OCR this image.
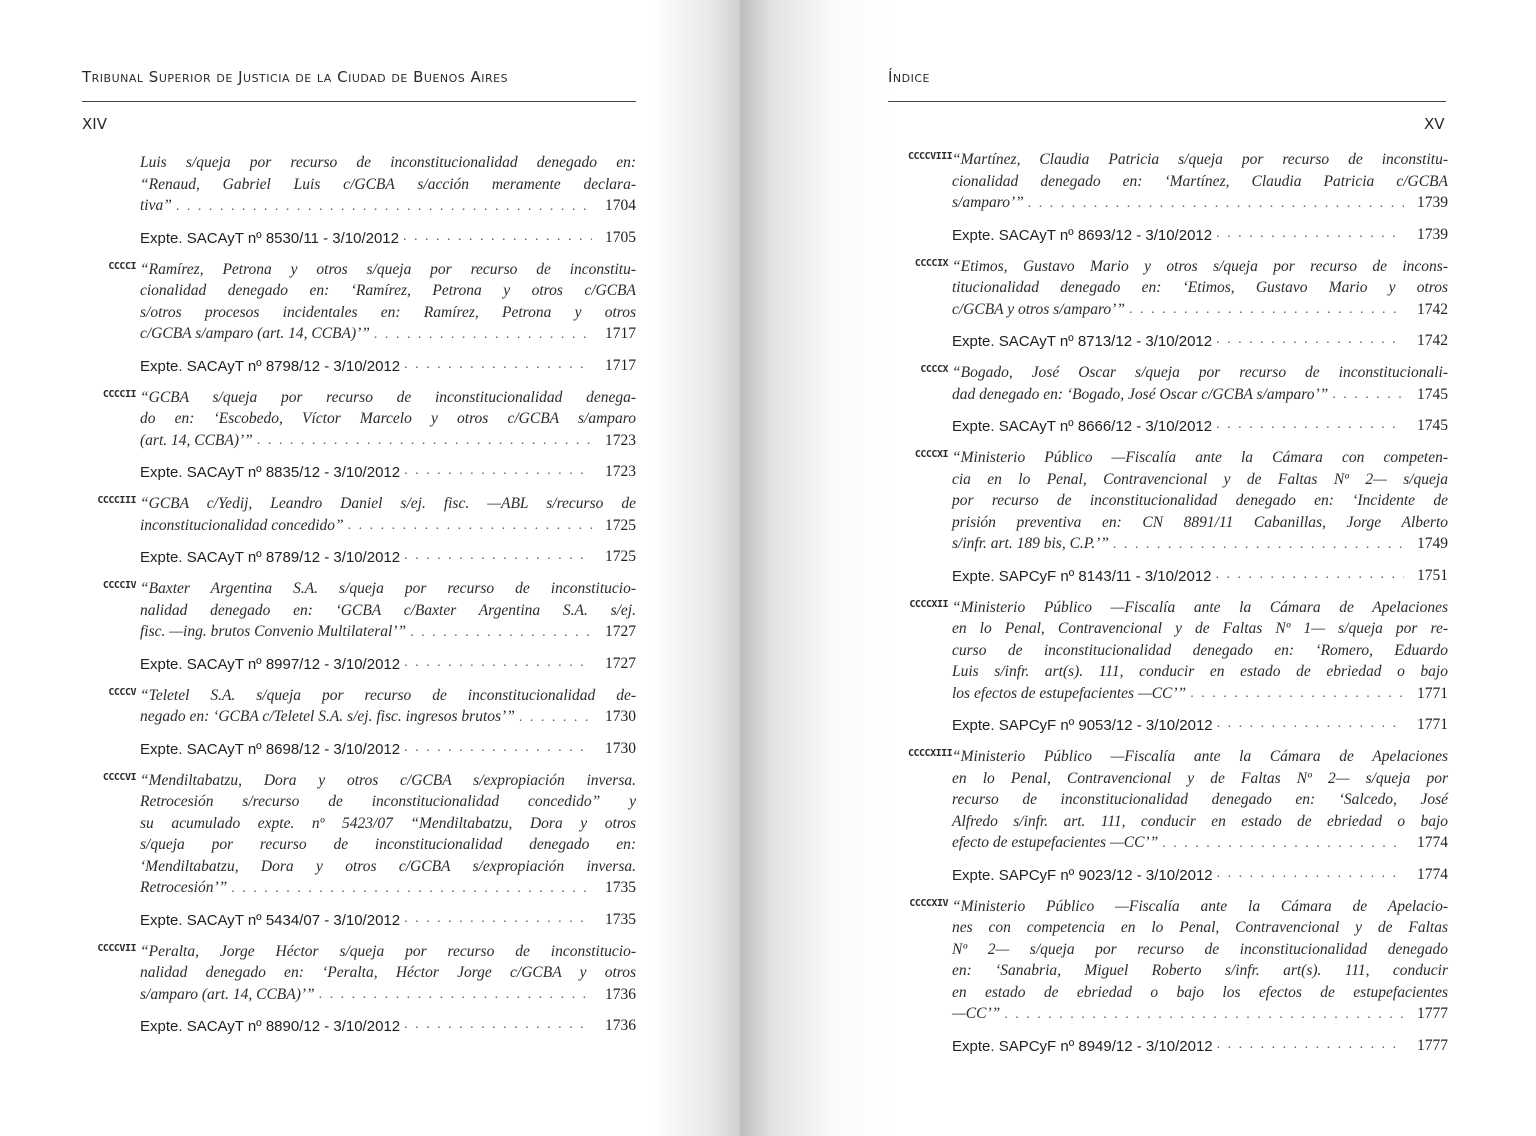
Tribunal Superior de Justicia de la Ciudad de Buenos Aires
XIV
Luis s/queja por recurso de inconstitucionalidad denegado en:
“Renaud, Gabriel Luis c/GCBA s/acción meramente declara-
tiva” . . .	1704
Expte. SACAyT nº 8530/11 - 3/10/2012 . . .	1705
CCCCI “Ramírez, Petrona y otros s/queja por recurso de inconstitu-
cionalidad denegado en: ‘Ramírez, Petrona y otros c/GCBA
s/otros procesos incidentales en: Ramírez, Petrona y otros
c/GCBA s/amparo (art. 14, CCBA)’” . . .	1717
Expte. SACAyT nº 8798/12 - 3/10/2012 . . .	1717
CCCCII “GCBA s/queja por recurso de inconstitucionalidad denega-
do en: ‘Escobedo, Víctor Marcelo y otros c/GCBA s/amparo
(art. 14, CCBA)’” . . .	1723
Expte. SACAyT nº 8835/12 - 3/10/2012 . . .	1723
CCCCIII “GCBA c/Yedij, Leandro Daniel s/ej. fisc. —ABL s/recurso de
inconstitucionalidad concedido” . . .	1725
Expte. SACAyT nº 8789/12 - 3/10/2012 . . .	1725
CCCCIV “Baxter Argentina S.A. s/queja por recurso de inconstitucio-
nalidad denegado en: ‘GCBA c/Baxter Argentina S.A. s/ej.
fisc. —ing. brutos Convenio Multilateral’” . . .	1727
Expte. SACAyT nº 8997/12 - 3/10/2012 . . .	1727
CCCCV “Teletel S.A. s/queja por recurso de inconstitucionalidad de-
negado en: ‘GCBA c/Teletel S.A. s/ej. fisc. ingresos brutos’” . . .	1730
Expte. SACAyT nº 8698/12 - 3/10/2012 . . .	1730
CCCCVI “Mendiltabatzu, Dora y otros c/GCBA s/expropiación inversa.
Retrocesión s/recurso de inconstitucionalidad concedido” y
su acumulado expte. nº 5423/07 “Mendiltabatzu, Dora y otros
s/queja por recurso de inconstitucionalidad denegado en:
‘Mendiltabatzu, Dora y otros c/GCBA s/expropiación inversa.
Retrocesión’” . . .	1735
Expte. SACAyT nº 5434/07 - 3/10/2012 . . .	1735
CCCCVII “Peralta, Jorge Héctor s/queja por recurso de inconstitucio-
nalidad denegado en: ‘Peralta, Héctor Jorge c/GCBA y otros
s/amparo (art. 14, CCBA)’” . . .	1736
Expte. SACAyT nº 8890/12 - 3/10/2012 . . .	1736
Índice
XV
CCCCVIII “Martínez, Claudia Patricia s/queja por recurso de inconstitu-
cionalidad denegado en: ‘Martínez, Claudia Patricia c/GCBA
s/amparo’” . . .	1739
Expte. SACAyT nº 8693/12 - 3/10/2012 . . .	1739
CCCCIX “Etimos, Gustavo Mario y otros s/queja por recurso de incons-
titucionalidad denegado en: ‘Etimos, Gustavo Mario y otros
c/GCBA y otros s/amparo’” . . .	1742
Expte. SACAyT nº 8713/12 - 3/10/2012 . . .	1742
CCCCX “Bogado, José Oscar s/queja por recurso de inconstitucionali-
dad denegado en: ‘Bogado, José Oscar c/GCBA s/amparo’” . . .	1745
Expte. SACAyT nº 8666/12 - 3/10/2012 . . .	1745
CCCCXI “Ministerio Público —Fiscalía ante la Cámara con competen-
cia en lo Penal, Contravencional y de Faltas Nº 2— s/queja
por recurso de inconstitucionalidad denegado en: ‘Incidente de
prisión preventiva en: CN 8891/11 Cabanillas, Jorge Alberto
s/infr. art. 189 bis, C.P.’” . . .	1749
Expte. SAPCyF nº 8143/11 - 3/10/2012 . . .	1751
CCCCXII “Ministerio Público —Fiscalía ante la Cámara de Apelaciones
en lo Penal, Contravencional y de Faltas Nº 1— s/queja por re-
curso de inconstitucionalidad denegado en: ‘Romero, Eduardo
Luis s/infr. art(s). 111, conducir en estado de ebriedad o bajo
los efectos de estupefacientes —CC’” . . .	1771
Expte. SAPCyF nº 9053/12 - 3/10/2012 . . .	1771
CCCCXIII “Ministerio Público —Fiscalía ante la Cámara de Apelaciones
en lo Penal, Contravencional y de Faltas Nº 2— s/queja por
recurso de inconstitucionalidad denegado en: ‘Salcedo, José
Alfredo s/infr. art. 111, conducir en estado de ebriedad o bajo
efecto de estupefacientes —CC’” . . .	1774
Expte. SAPCyF nº 9023/12 - 3/10/2012 . . .	1774
CCCCXIV “Ministerio Público —Fiscalía ante la Cámara de Apelacio-
nes con competencia en lo Penal, Contravencional y de Faltas
Nº 2— s/queja por recurso de inconstitucionalidad denegado
en: ‘Sanabria, Miguel Roberto s/infr. art(s). 111, conducir
en estado de ebriedad o bajo los efectos de estupefacientes
—CC’” . . .	1777
Expte. SAPCyF nº 8949/12 - 3/10/2012 . . .	1777
